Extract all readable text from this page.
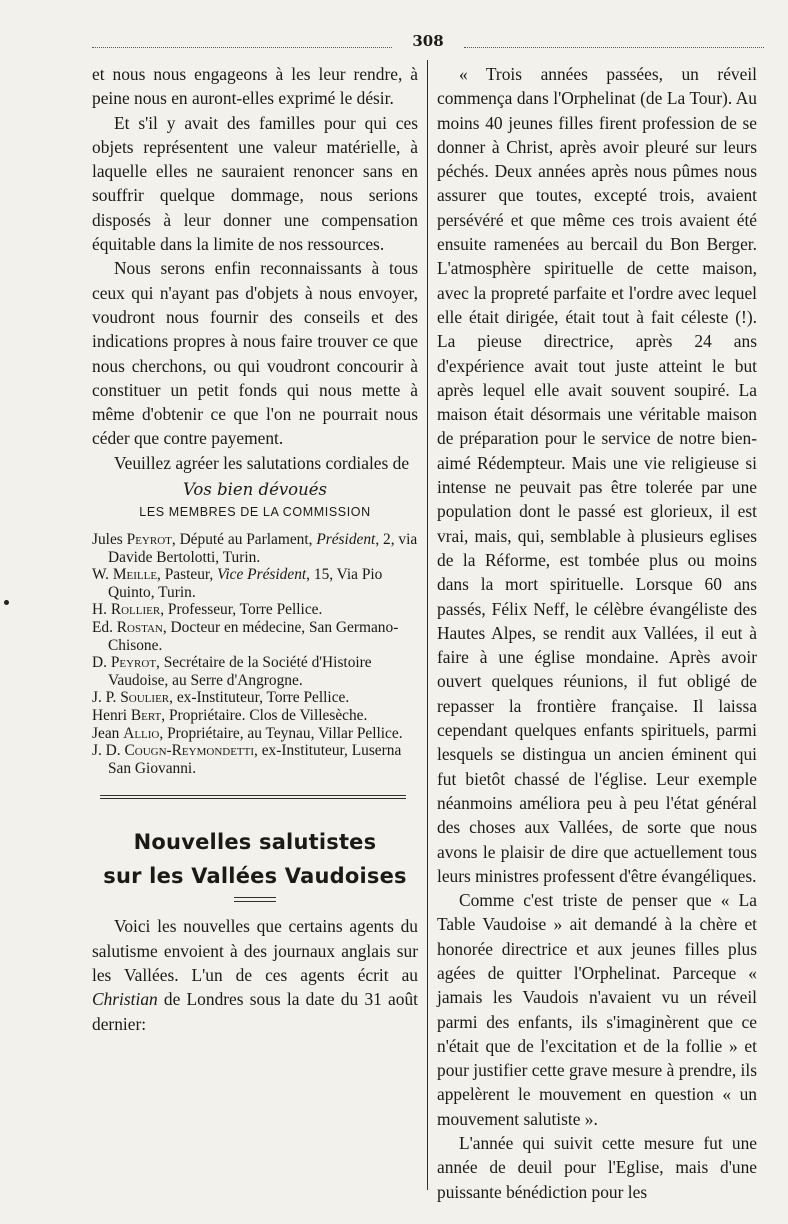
308

et nous nous engageons à les leur rendre, à peine nous en auront-elles exprimé le désir.

Et s'il y avait des familles pour qui ces objets représentent une valeur matérielle, à laquelle elles ne sauraient renoncer sans en souffrir quelque dommage, nous serions disposés à leur donner une compensation équitable dans la limite de nos ressources.

Nous serons enfin reconnaissants à tous ceux qui n'ayant pas d'objets à nous envoyer, voudront nous fournir des conseils et des indications propres à nous faire trouver ce que nous cherchons, ou qui voudront concourir à constituer un petit fonds qui nous mette à même d'obtenir ce que l'on ne pourrait nous céder que contre payement.

Veuillez agréer les salutations cordiales de

Vos bien dévoués
LES MEMBRES DE LA COMMISSION
Jules Peyrot, Député au Parlament, Président, 2, via Davide Bertolotti, Turin.
W. Meille, Pasteur, Vice Président, 15, Via Pio Quinto, Turin.
H. Rollier, Professeur, Torre Pellice.
Ed. Rostan, Docteur en médecine, San Germano-Chisone.
D. Peyrot, Secrétaire de la Société d'Histoire Vaudoise, au Serre d'Angrogne.
J. P. Soulier, ex-Instituteur, Torre Pellice.
Henri Bert, Propriétaire. Clos de Villesèche.
Jean Allio, Propriétaire, au Teynau, Villar Pellice.
J. D. Cougn-Reymondetti, ex-Instituteur, Luserna San Giovanni.
Nouvelles salutistes
sur les Vallées Vaudoises

Voici les nouvelles que certains agents du salutisme envoient à des journaux anglais sur les Vallées. L'un de ces agents écrit au Christian de Londres sous la date du 31 août dernier:

« Trois années passées, un réveil commença dans l'Orphelinat (de La Tour). Au moins 40 jeunes filles firent profession de se donner à Christ, après avoir pleuré sur leurs péchés. Deux années après nous pûmes nous assurer que toutes, excepté trois, avaient persévéré et que même ces trois avaient été ensuite ramenées au bercail du Bon Berger. L'atmosphère spirituelle de cette maison, avec la propreté parfaite et l'ordre avec lequel elle était dirigée, était tout à fait céleste (!). La pieuse directrice, après 24 ans d'expérience avait tout juste atteint le but après lequel elle avait souvent soupiré. La maison était désormais une véritable maison de préparation pour le service de notre bien-aimé Rédempteur. Mais une vie religieuse si intense ne peuvait pas être tolerée par une population dont le passé est glorieux, il est vrai, mais, qui, semblable à plusieurs eglises de la Réforme, est tombée plus ou moins dans la mort spirituelle. Lorsque 60 ans passés, Félix Neff, le célèbre évangéliste des Hautes Alpes, se rendit aux Vallées, il eut à faire à une église mondaine. Après avoir ouvert quelques réunions, il fut obligé de repasser la frontière française. Il laissa cependant quelques enfants spirituels, parmi lesquels se distingua un ancien éminent qui fut bietôt chassé de l'église. Leur exemple néanmoins améliora peu à peu l'état général des choses aux Vallées, de sorte que nous avons le plaisir de dire que actuellement tous leurs ministres professent d'être évangéliques.

Comme c'est triste de penser que « La Table Vaudoise » ait demandé à la chère et honorée directrice et aux jeunes filles plus agées de quitter l'Orphelinat. Parceque « jamais les Vaudois n'avaient vu un réveil parmi des enfants, ils s'imaginèrent que ce n'était que de l'excitation et de la follie » et pour justifier cette grave mesure à prendre, ils appelèrent le mouvement en question « un mouvement salutiste ».

L'année qui suivit cette mesure fut une année de deuil pour l'Eglise, mais d'une puissante bénédiction pour les
